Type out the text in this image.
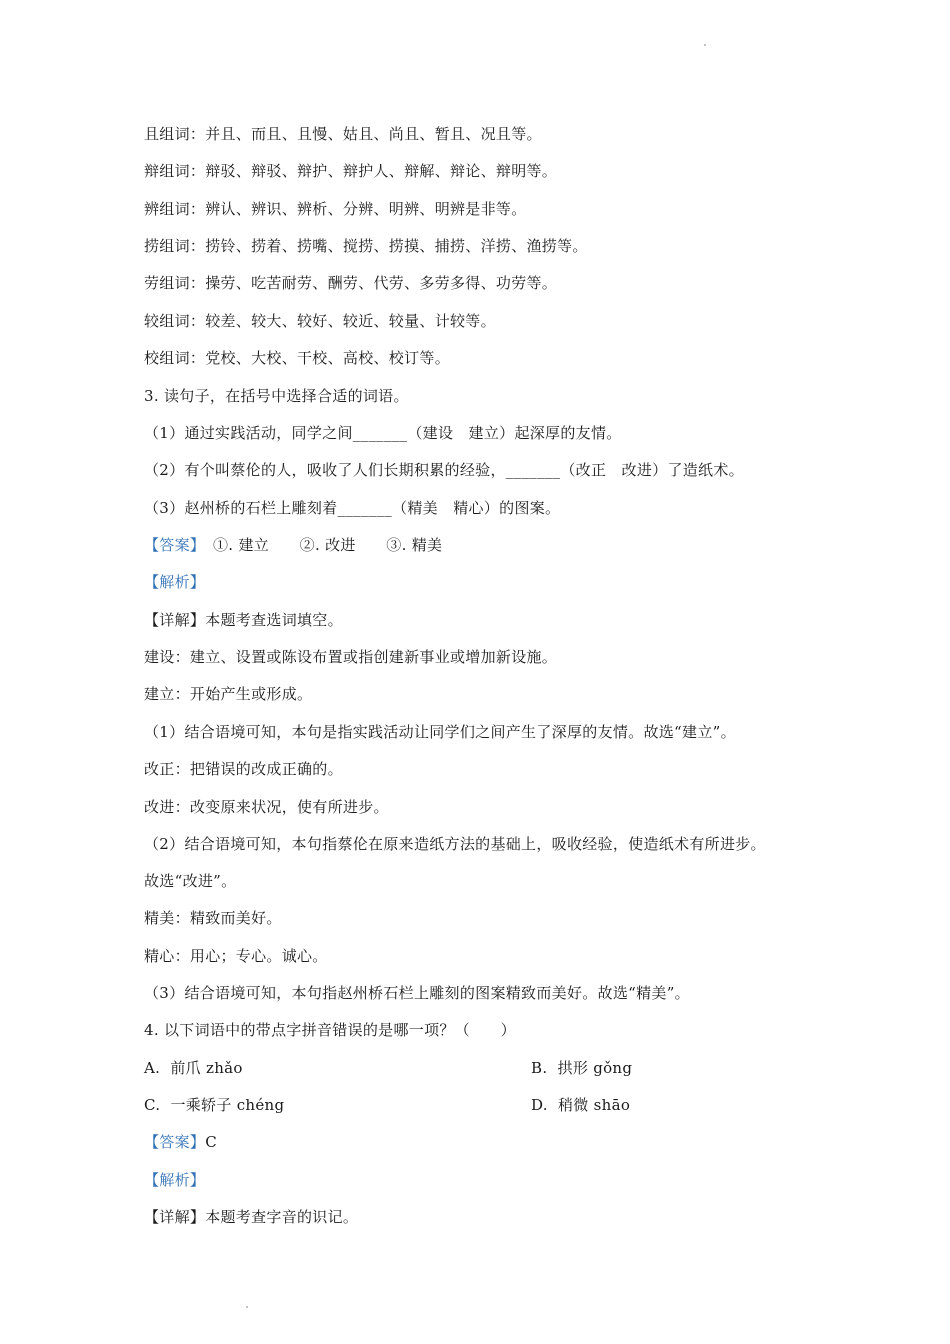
且组词：并且、而且、且慢、姑且、尚且、暂且、况且等。
辩组词：辩驳、辩驳、辩护、辩护人、辩解、辩论、辩明等。
辨组词：辨认、辨识、辨析、分辨、明辨、明辨是非等。
捞组词：捞铃、捞着、捞嘴、搅捞、捞摸、捕捞、洋捞、渔捞等。
劳组词：操劳、吃苦耐劳、酬劳、代劳、多劳多得、功劳等。
较组词：较差、较大、较好、较近、较量、计较等。
校组词：党校、大校、干校、高校、校订等。
3. 读句子，在括号中选择合适的词语。
（1）通过实践活动，同学之间_______（建设　建立）起深厚的友情。
（2）有个叫蔡伦的人，吸收了人们长期积累的经验，_______（改正　改进）了造纸术。
（3）赵州桥的石栏上雕刻着_______（精美　精心）的图案。
【答案】　①. 建立　　②. 改进　　③. 精美
【解析】
【详解】本题考查选词填空。
建设：建立、设置或陈设布置或指创建新事业或增加新设施。
建立：开始产生或形成。
（1）结合语境可知，本句是指实践活动让同学们之间产生了深厚的友情。故选“建立”。
改正：把错误的改成正确的。
改进：改变原来状况，使有所进步。
（2）结合语境可知，本句指蔡伦在原来造纸方法的基础上，吸收经验，使造纸术有所进步。
故选“改进”。
精美：精致而美好。
精心：用心；专心。诚心。
（3）结合语境可知，本句指赵州桥石栏上雕刻的图案精致而美好。故选“精美”。
4. 以下词语中的带点字拼音错误的是哪一项？（　　）
A.  前爪 zhǎo	B.  拱形 gǒng
C.  一乘轿子 chéng	D.  稍微 shāo
【答案】C
【解析】
【详解】本题考查字音的识记。
